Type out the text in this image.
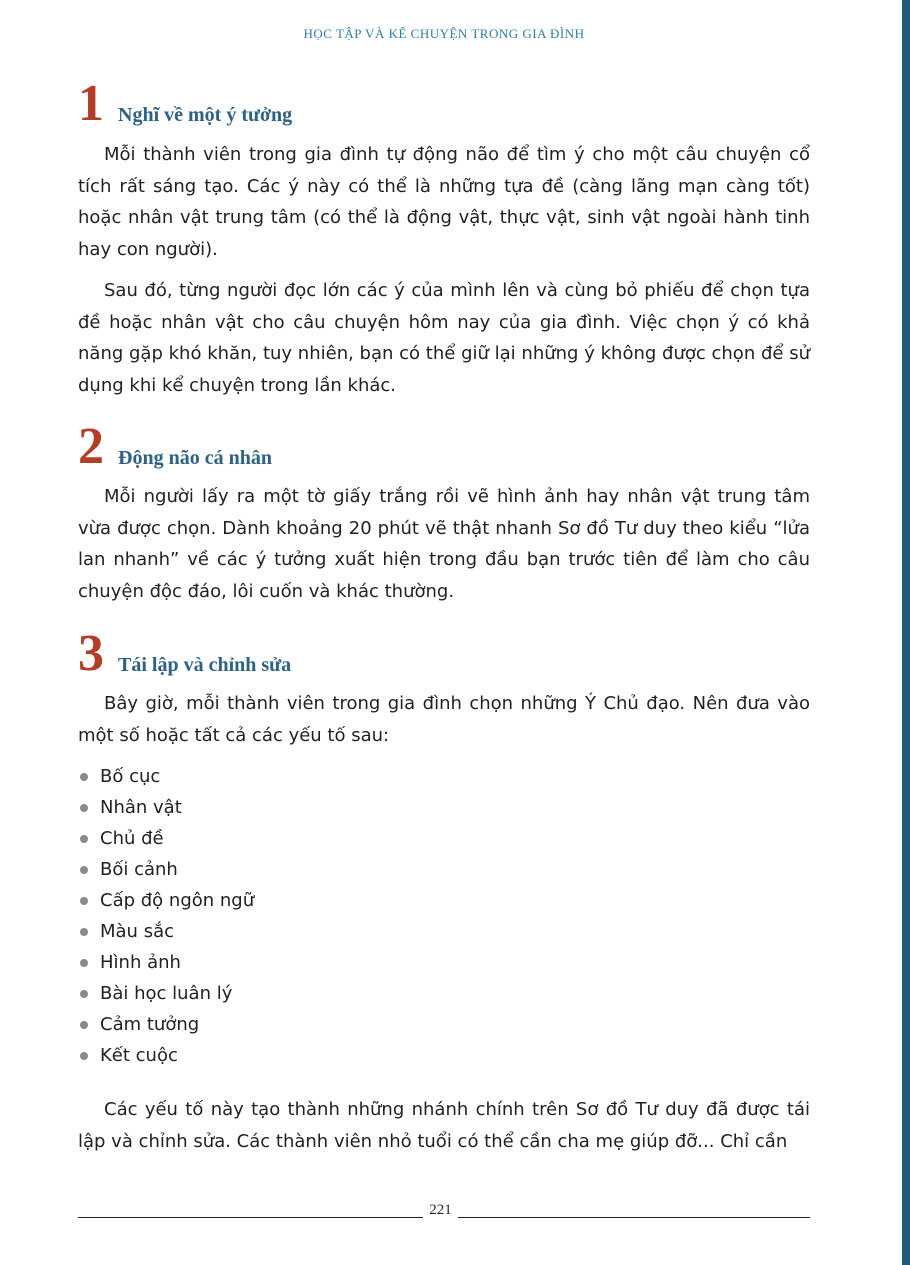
HỌC TẬP VÀ KỂ CHUYỆN TRONG GIA ĐÌNH
1 Nghĩ về một ý tưởng

Mỗi thành viên trong gia đình tự động não để tìm ý cho một câu chuyện cổ tích rất sáng tạo. Các ý này có thể là những tựa đề (càng lãng mạn càng tốt) hoặc nhân vật trung tâm (có thể là động vật, thực vật, sinh vật ngoài hành tinh hay con người).

Sau đó, từng người đọc lớn các ý của mình lên và cùng bỏ phiếu để chọn tựa đề hoặc nhân vật cho câu chuyện hôm nay của gia đình. Việc chọn ý có khả năng gặp khó khăn, tuy nhiên, bạn có thể giữ lại những ý không được chọn để sử dụng khi kể chuyện trong lần khác.

2 Động não cá nhân

Mỗi người lấy ra một tờ giấy trắng rồi vẽ hình ảnh hay nhân vật trung tâm vừa được chọn. Dành khoảng 20 phút vẽ thật nhanh Sơ đồ Tư duy theo kiểu “lửa lan nhanh” về các ý tưởng xuất hiện trong đầu bạn trước tiên để làm cho câu chuyện độc đáo, lôi cuốn và khác thường.

3 Tái lập và chỉnh sửa

Bây giờ, mỗi thành viên trong gia đình chọn những Ý Chủ đạo. Nên đưa vào một số hoặc tất cả các yếu tố sau:

Bố cục
Nhân vật
Chủ đề
Bối cảnh
Cấp độ ngôn ngữ
Màu sắc
Hình ảnh
Bài học luân lý
Cảm tưởng
Kết cuộc

Các yếu tố này tạo thành những nhánh chính trên Sơ đồ Tư duy đã được tái lập và chỉnh sửa. Các thành viên nhỏ tuổi có thể cần cha mẹ giúp đỡ... Chỉ cần

221
